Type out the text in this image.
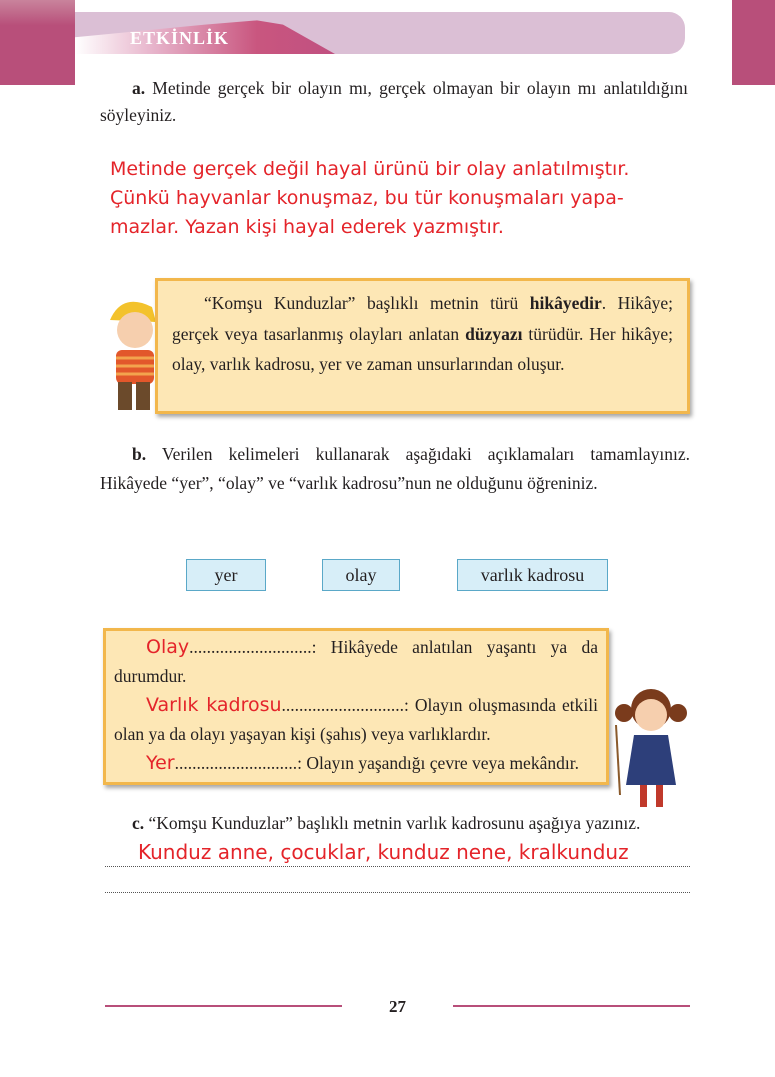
ETKİNLİK
a. Metinde gerçek bir olayın mı, gerçek olmayan bir olayın mı anlatıldığını söyleyiniz.
Metinde gerçek değil hayal ürünü bir olay anlatılmıştır.
Çünkü hayvanlar konuşmaz, bu tür konuşmaları yapa-
mazlar. Yazan kişi hayal ederek yazmıştır.
“Komşu Kunduzlar” başlıklı metnin türü hikâyedir. Hikâye; gerçek veya tasarlanmış olayları anlatan düzyazı türüdür. Her hikâye; olay, varlık kadrosu, yer ve zaman unsurlarından oluşur.
b. Verilen kelimeleri kullanarak aşağıdaki açıklamaları tamamlayınız. Hikâyede “yer”, “olay” ve “varlık kadrosu”nun ne olduğunu öğreniniz.
yer	olay	varlık kadrosu
Olay............................: Hikâyede anlatılan yaşantı ya da durumdur.
Varlık kadrosu............................: Olayın oluşmasında etkili olan ya da olayı yaşayan kişi (şahıs) veya varlıklardır.
Yer............................: Olayın yaşandığı çevre veya mekândır.
c. “Komşu Kunduzlar” başlıklı metnin varlık kadrosunu aşağıya yazınız.
Kunduz anne, çocuklar, kunduz nene, kralkunduz
27
